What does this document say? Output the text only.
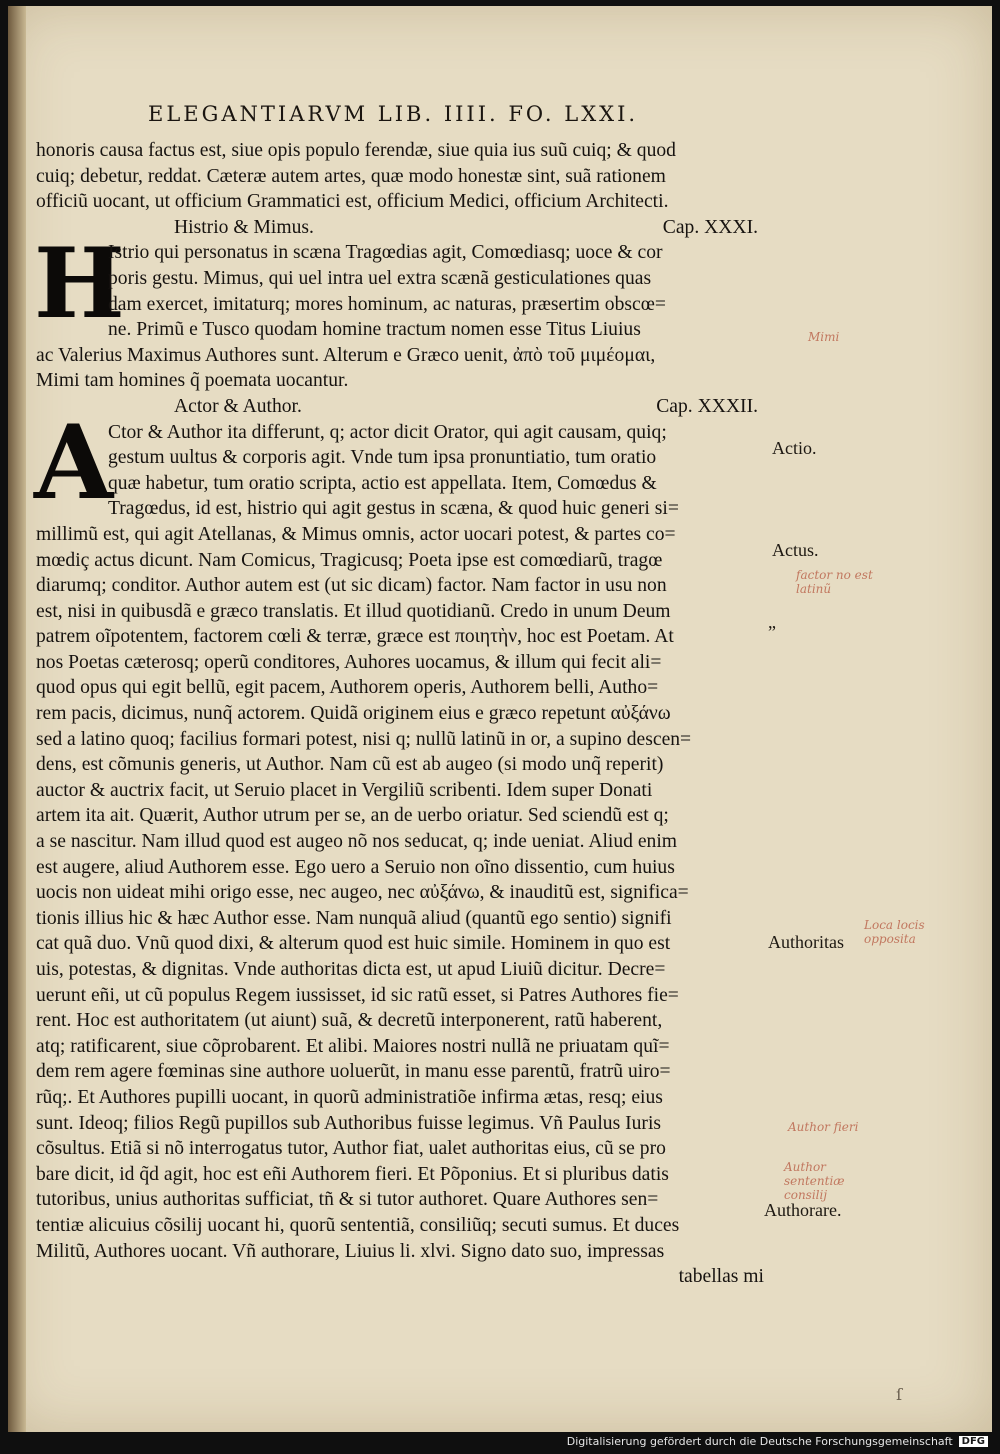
ELEGANTIARVM LIB. IIII. FO. LXXI.
H
A
honoris causa factus est, siue opis populo ferendæ, siue quia ius suũ cuiq; & quod
cuiq; debetur, reddat. Cæteræ autem artes, quæ modo honestæ sint, suã rationem
officiũ uocant, ut officium Grammatici est, officium Medici, officium Architecti.
Histrio & Mimus.	Cap. XXXI.
Istrio qui personatus in scæna Tragœdias agit, Comœdiasq; uoce & cor
poris gestu. Mimus, qui uel intra uel extra scænã gesticulationes quas
dam exercet, imitaturq; mores hominum, ac naturas, præsertim obscœ=
ne. Primũ e Tusco quodam homine tractum nomen esse Titus Liuius
ac Valerius Maximus Authores sunt. Alterum e Græco uenit, ἀπὸ τοῦ μιμέομαι,
Mimi tam homines q̃ poemata uocantur.
Actor & Author.	Cap. XXXII.
Ctor & Author ita differunt, q; actor dicit Orator, qui agit causam, quiq;
gestum uultus & corporis agit. Vnde tum ipsa pronuntiatio, tum oratio
quæ habetur, tum oratio scripta, actio est appellata. Item, Comœdus &
Tragœdus, id est, histrio qui agit gestus in scæna, & quod huic generi si=
millimũ est, qui agit Atellanas, & Mimus omnis, actor uocari potest, & partes co=
mœdiç actus dicunt. Nam Comicus, Tragicusq; Poeta ipse est comœdiarũ, tragœ
diarumq; conditor. Author autem est (ut sic dicam) factor. Nam factor in usu non
est, nisi in quibusdã e græco translatis. Et illud quotidianũ. Credo in unum Deum
patrem oĩpotentem, factorem cœli & terræ, græce est ποιητὴν, hoc est Poetam. At
nos Poetas cæterosq; operũ conditores, Auhores uocamus, & illum qui fecit ali=
quod opus qui egit bellũ, egit pacem, Authorem operis, Authorem belli, Autho=
rem pacis, dicimus, nunq̃ actorem. Quidã originem eius e græco repetunt αὐξάνω
sed a latino quoq; facilius formari potest, nisi q; nullũ latinũ in or, a supino descen=
dens, est cõmunis generis, ut Author. Nam cũ est ab augeo (si modo unq̃ reperit)
auctor & auctrix facit, ut Seruio placet in Vergiliũ scribenti. Idem super Donati
artem ita ait. Quærit, Author utrum per se, an de uerbo oriatur. Sed sciendũ est q;
a se nascitur. Nam illud quod est augeo nõ nos seducat, q; inde ueniat. Aliud enim
est augere, aliud Authorem esse. Ego uero a Seruio non oĩno dissentio, cum huius
uocis non uideat mihi origo esse, nec augeo, nec αὐξάνω, & inauditũ est, significa=
tionis illius hic & hæc Author esse. Nam nunquã aliud (quantũ ego sentio) signifi
cat quã duo. Vnũ quod dixi, & alterum quod est huic simile. Hominem in quo est
uis, potestas, & dignitas. Vnde authoritas dicta est, ut apud Liuiũ dicitur. Decre=
uerunt eñi, ut cũ populus Regem iussisset, id sic ratũ esset, si Patres Authores fie=
rent. Hoc est authoritatem (ut aiunt) suã, & decretũ interponerent, ratũ haberent,
atq; ratificarent, siue cõprobarent. Et alibi. Maiores nostri nullã ne priuatam quĩ=
dem rem agere fœminas sine authore uoluerũt, in manu esse parentũ, fratrũ uiro=
rũq;. Et Authores pupilli uocant, in quorũ administratiõe infirma ætas, resq; eius
sunt. Ideoq; filios Regũ pupillos sub Authoribus fuisse legimus. Vñ Paulus Iuris
cõsultus. Etiã si nõ interrogatus tutor, Author fiat, ualet authoritas eius, cũ se pro
bare dicit, id q̃d agit, hoc est eñi Authorem fieri. Et Põponius. Et si pluribus datis
tutoribus, unius authoritas sufficiat, tñ & si tutor authoret. Quare Authores sen=
tentiæ alicuius cõsilij uocant hi, quorũ sententiã, consiliũq; secuti sumus. Et duces
Militũ, Authores uocant. Vñ authorare, Liuius li. xlvi. Signo dato suo, impressas
tabellas mi
Actio.
Actus.
„
Authoritas
Authorare.
Mimi
factor no est latinũ
Loca locis opposita
Author fieri
Author sententiæ consilij
ſ
Digitalisierung gefördert durch die Deutsche Forschungsgemeinschaft DFG
